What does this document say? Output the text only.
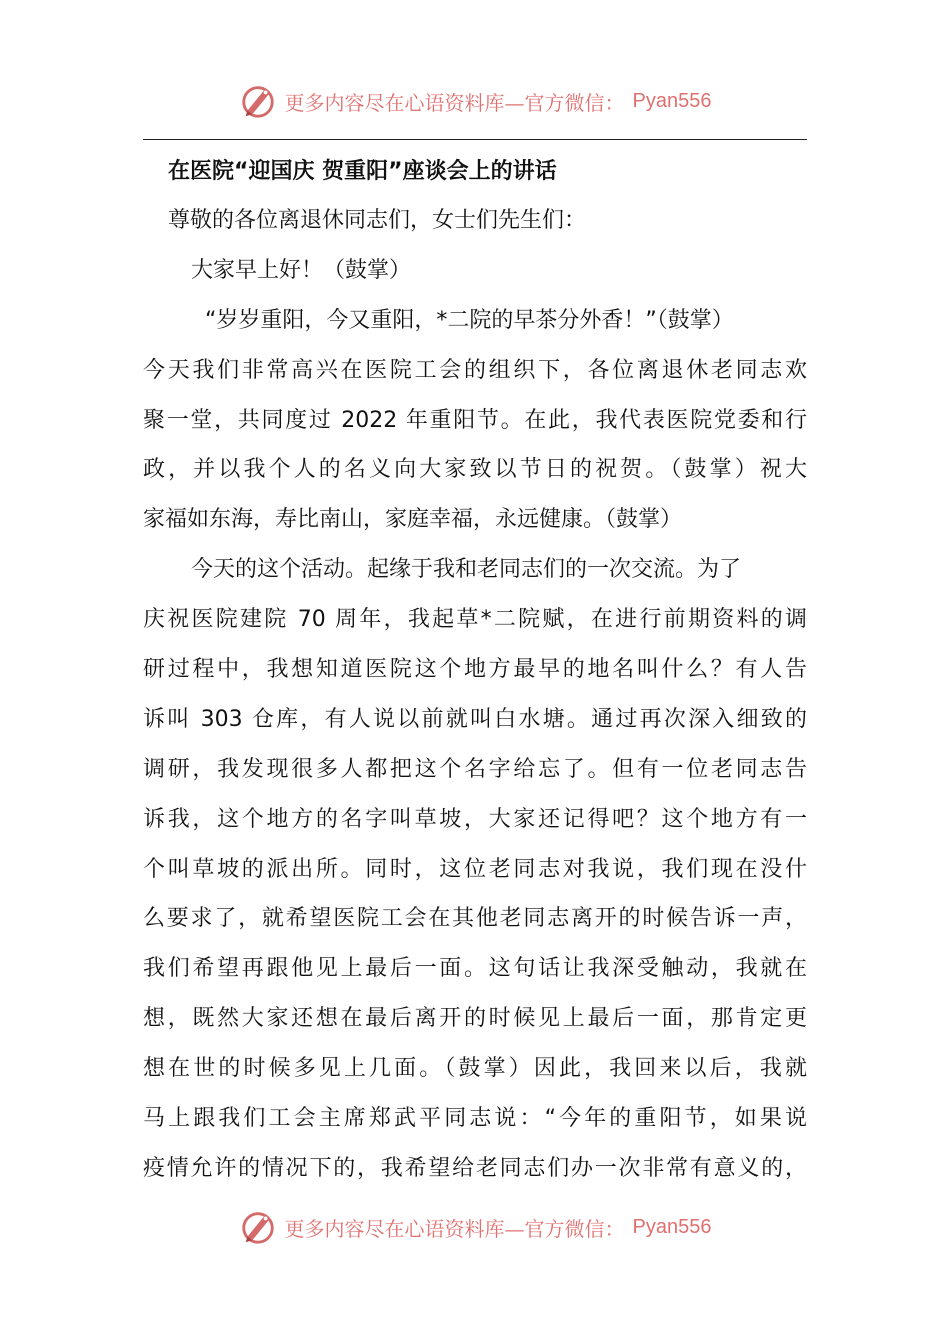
更多内容尽在心语资料库—官方微信： Pyan556
在医院“迎国庆 贺重阳”座谈会上的讲话

尊敬的各位离退休同志们，女士们先生们：

大家早上好！（鼓掌）

“岁岁重阳，今又重阳，*二院的早茶分外香！”（鼓掌）
今天我们非常高兴在医院工会的组织下，各位离退休老同志欢
聚一堂，共同度过 2022 年重阳节。在此，我代表医院党委和行
政，并以我个人的名义向大家致以节日的祝贺。（鼓掌）祝大
家福如东海，寿比南山，家庭幸福，永远健康。（鼓掌）

今天的这个活动。起缘于我和老同志们的一次交流。为了
庆祝医院建院 70 周年，我起草*二院赋，在进行前期资料的调
研过程中，我想知道医院这个地方最早的地名叫什么？有人告
诉叫 303 仓库，有人说以前就叫白水塘。通过再次深入细致的
调研，我发现很多人都把这个名字给忘了。但有一位老同志告
诉我，这个地方的名字叫草坡，大家还记得吧？这个地方有一
个叫草坡的派出所。同时，这位老同志对我说，我们现在没什
么要求了，就希望医院工会在其他老同志离开的时候告诉一声，
我们希望再跟他见上最后一面。这句话让我深受触动，我就在
想，既然大家还想在最后离开的时候见上最后一面，那肯定更
想在世的时候多见上几面。（鼓掌）因此，我回来以后，我就
马上跟我们工会主席郑武平同志说：“今年的重阳节，如果说
疫情允许的情况下的，我希望给老同志们办一次非常有意义的，

更多内容尽在心语资料库—官方微信： Pyan556
